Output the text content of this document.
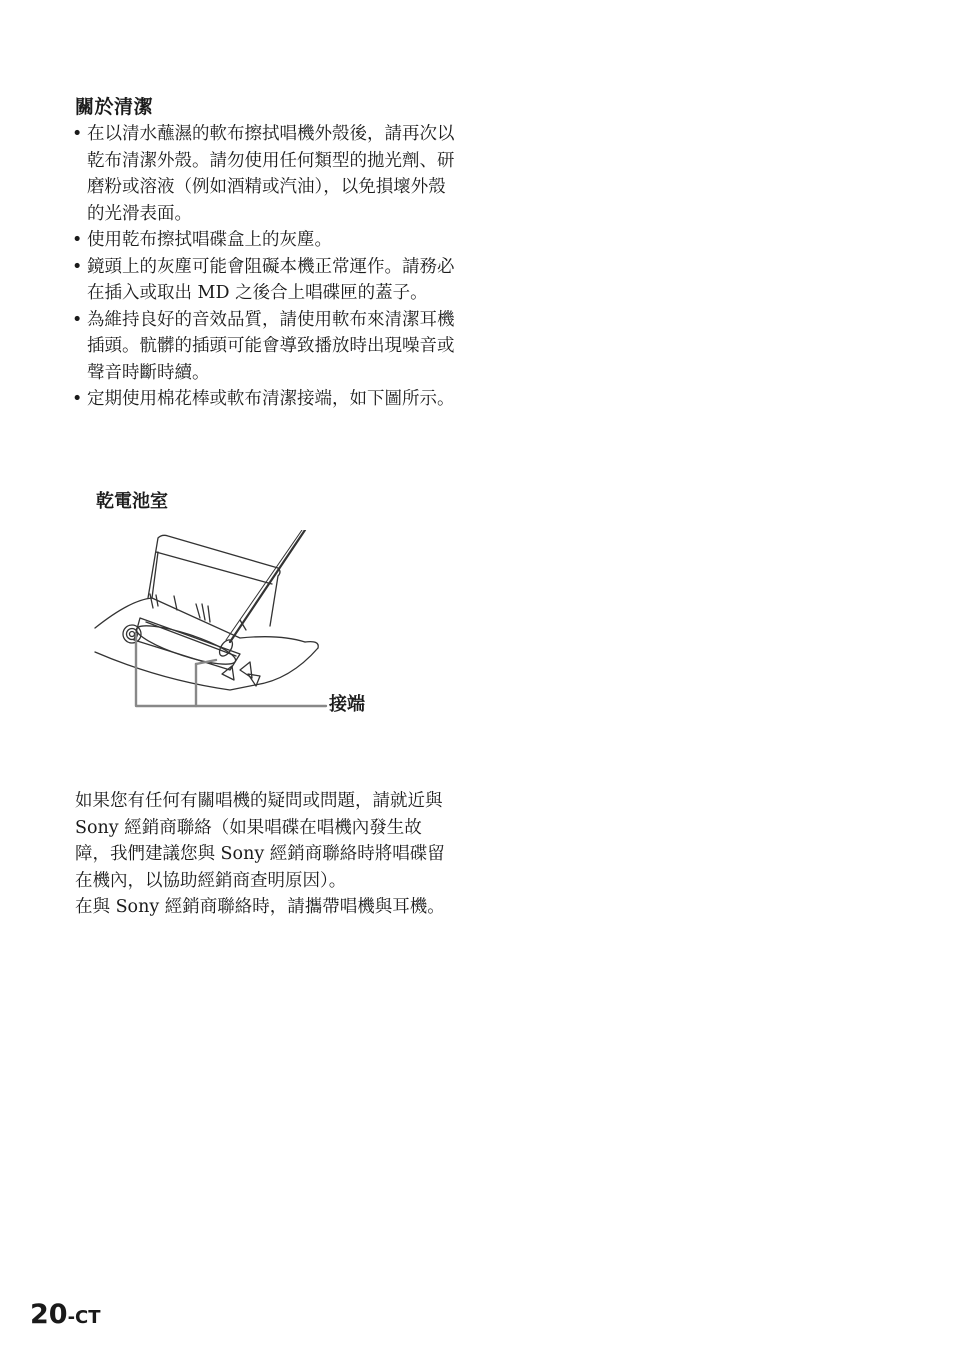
關於清潔
• 在以清水蘸濕的軟布擦拭唱機外殼後，請再次以乾布清潔外殼。請勿使用任何類型的拋光劑、研磨粉或溶液（例如酒精或汽油），以免損壞外殼的光滑表面。
• 使用乾布擦拭唱碟盒上的灰塵。
• 鏡頭上的灰塵可能會阻礙本機正常運作。請務必在插入或取出 MD 之後合上唱碟匣的蓋子。
• 為維持良好的音效品質，請使用軟布來清潔耳機插頭。骯髒的插頭可能會導致播放時出現噪音或聲音時斷時續。
• 定期使用棉花棒或軟布清潔接端，如下圖所示。
乾電池室
接端

如果您有任何有關唱機的疑問或問題，請就近與 Sony 經銷商聯絡（如果唱碟在唱機內發生故障，我們建議您與 Sony 經銷商聯絡時將唱碟留在機內，以協助經銷商查明原因）。

在與 Sony 經銷商聯絡時，請攜帶唱機與耳機。

20-CT
